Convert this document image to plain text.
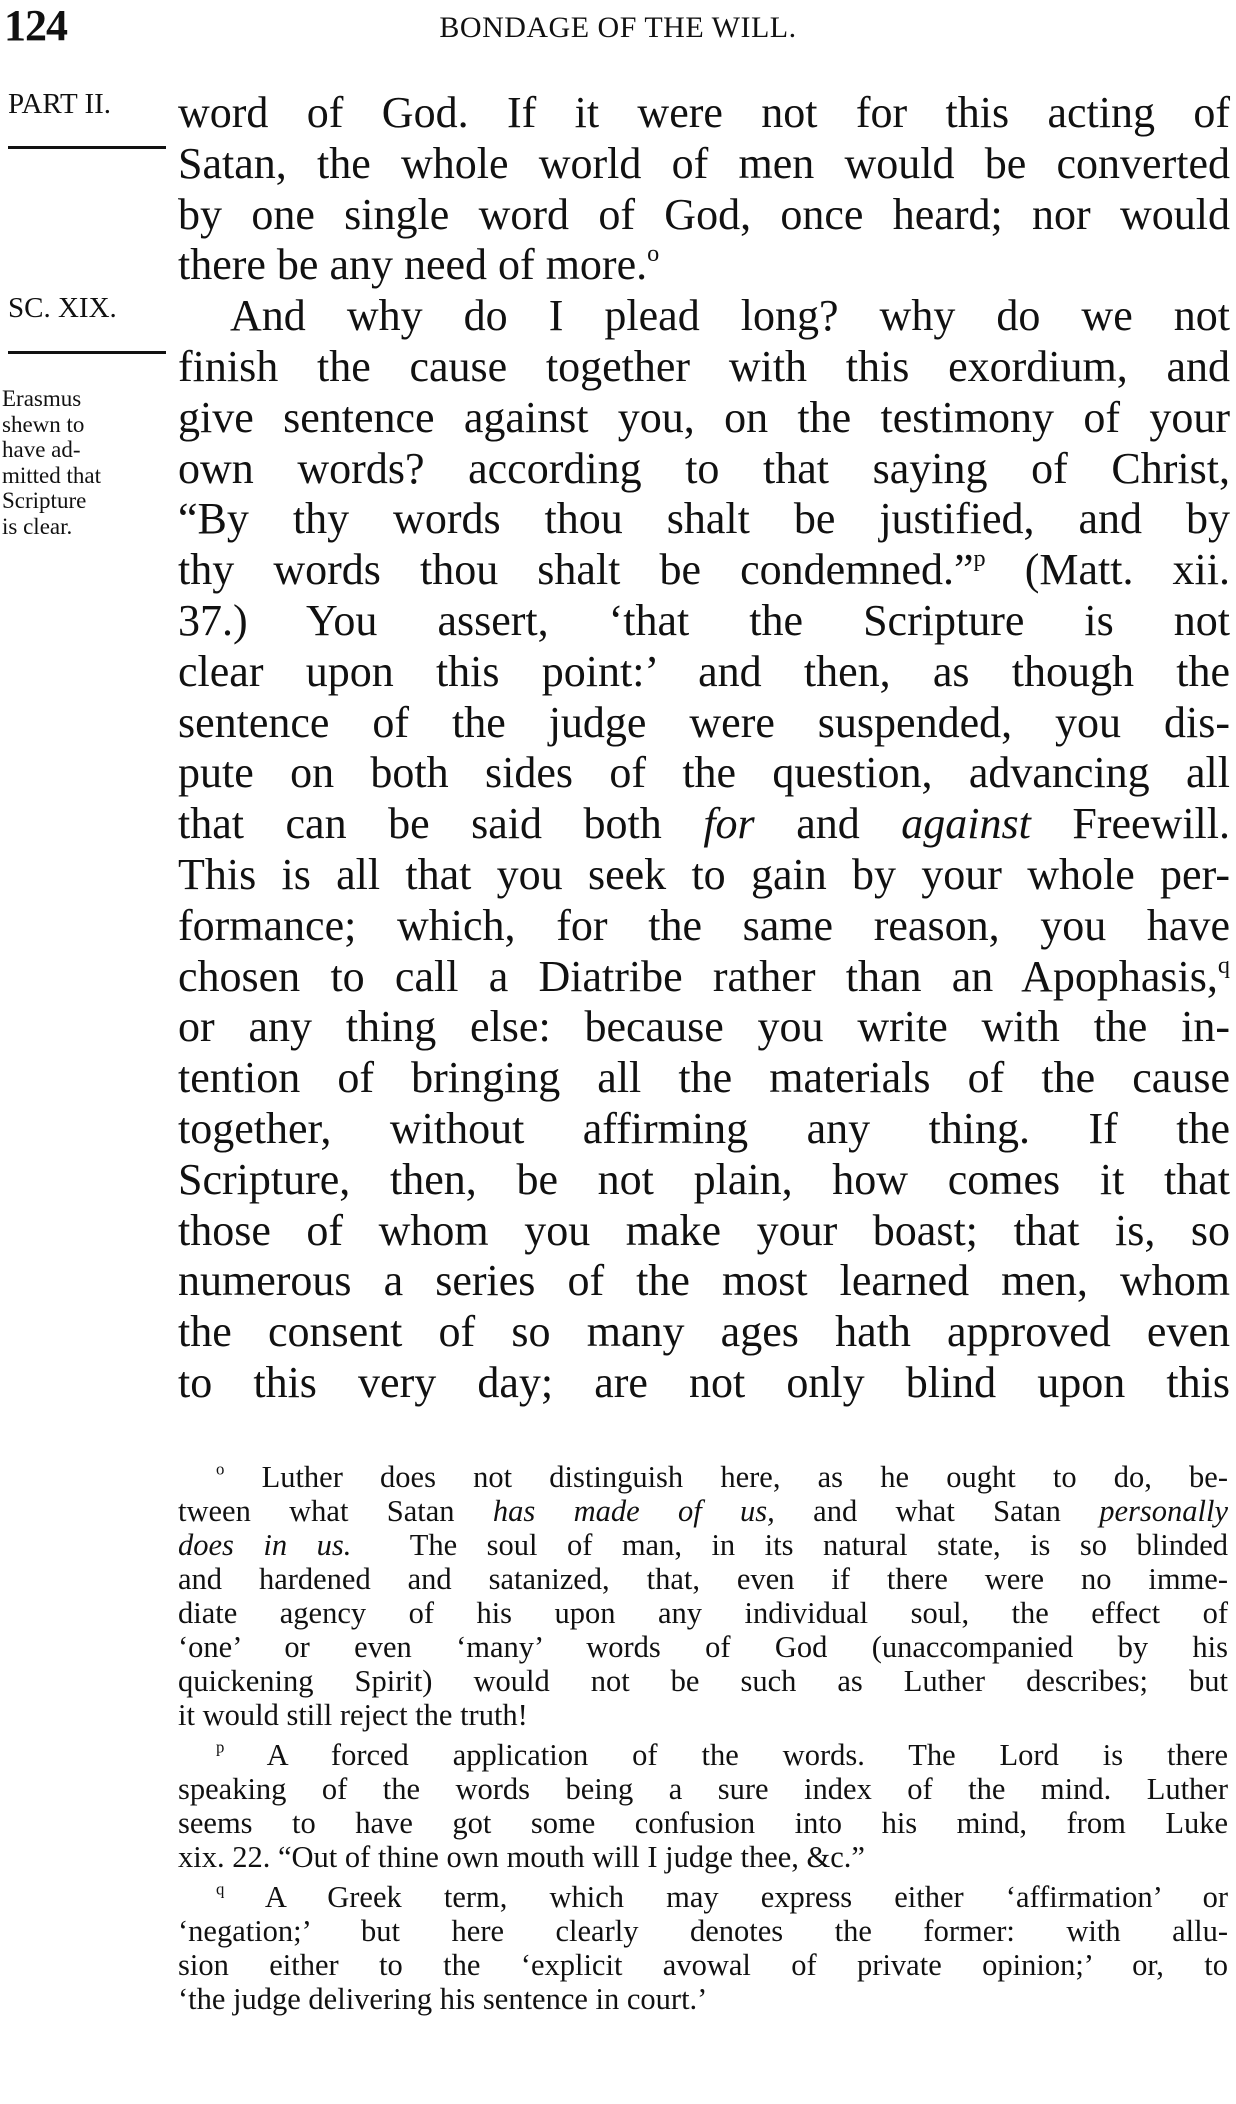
124	BONDAGE OF THE WILL.
PART II.
SC. XIX.
Erasmus
shewn to
have ad-
mitted that
Scripture
is clear.
word of God. If it were not for this acting of
Satan, the whole world of men would be converted
by one single word of God, once heard; nor would
there be any need of more.$^o$
And why do I plead long? why do we not
finish the cause together with this exordium, and
give sentence against you, on the testimony of your
own words? according to that saying of Christ,
“By thy words thou shalt be justified, and by
thy words thou shalt be condemned.”$^p$ (Matt. xii.
37.) You assert, ‘that the Scripture is not
clear upon this point:’ and then, as though the
sentence of the judge were suspended, you dis-
pute on both sides of the question, advancing all
that can be said both for and against Freewill.
This is all that you seek to gain by your whole per-
formance; which, for the same reason, you have
chosen to call a Diatribe rather than an Apophasis,$^q$
or any thing else: because you write with the in-
tention of bringing all the materials of the cause
together, without affirming any thing. If the
Scripture, then, be not plain, how comes it that
those of whom you make your boast; that is, so
numerous a series of the most learned men, whom
the consent of so many ages hath approved even
to this very day; are not only blind upon this
$^o$ Luther does not distinguish here, as he ought to do, be-
tween what Satan has made of us, and what Satan personally
does in us. The soul of man, in its natural state, is so blinded
and hardened and satanized, that, even if there were no imme-
diate agency of his upon any individual soul, the effect of
‘one’ or even ‘many’ words of God (unaccompanied by his
quickening Spirit) would not be such as Luther describes; but
it would still reject the truth!
$^p$ A forced application of the words. The Lord is there
speaking of the words being a sure index of the mind. Luther
seems to have got some confusion into his mind, from Luke
xix. 22. “Out of thine own mouth will I judge thee, &c.”
$^q$ A Greek term, which may express either ‘affirmation’ or
‘negation;’ but here clearly denotes the former: with allu-
sion either to the ‘explicit avowal of private opinion;’ or, to
‘the judge delivering his sentence in court.’
